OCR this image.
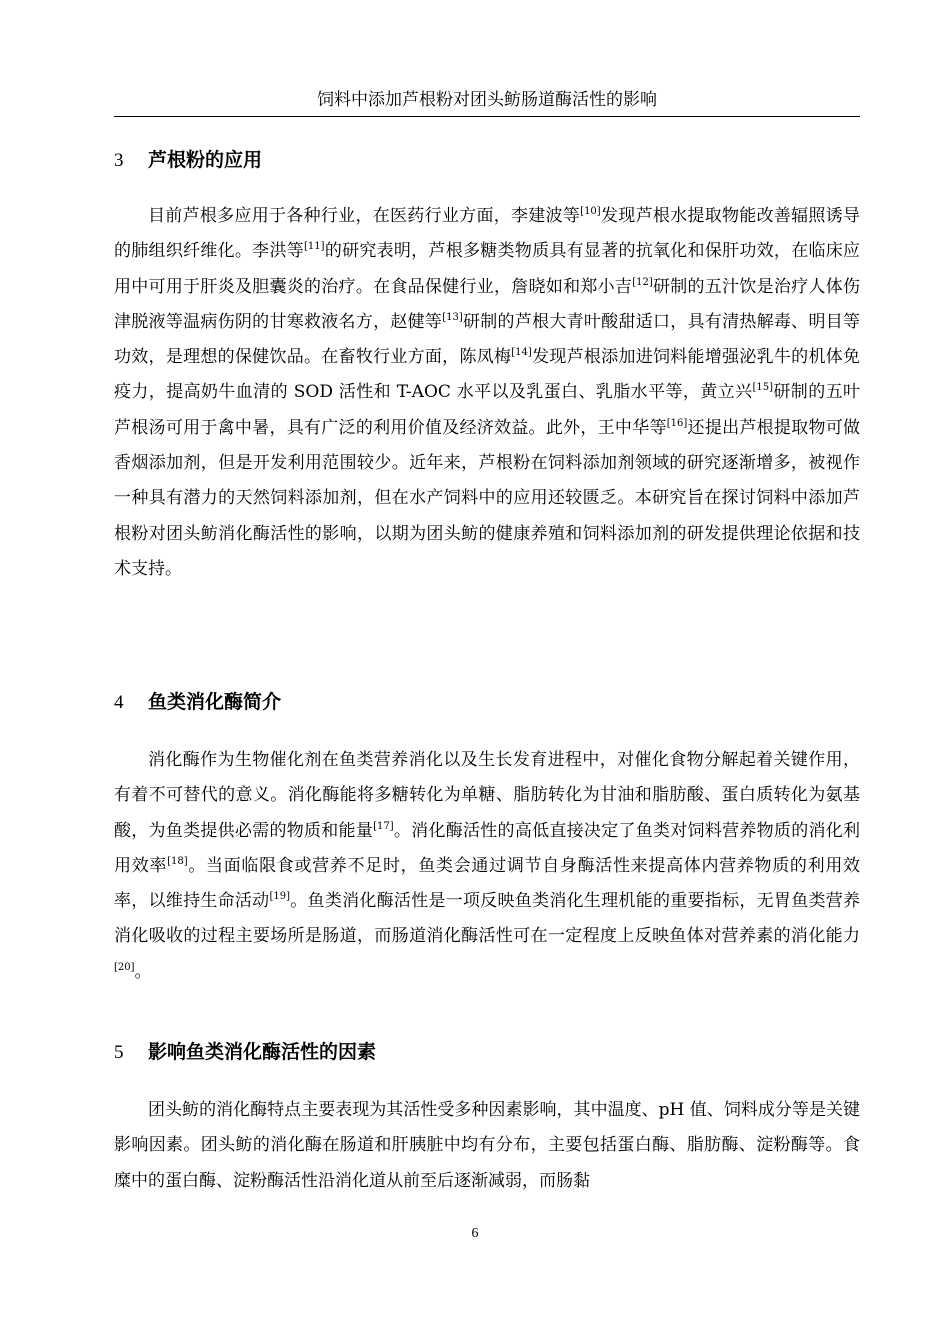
饲料中添加芦根粉对团头鲂肠道酶活性的影响
3 芦根粉的应用

目前芦根多应用于各种行业，在医药行业方面，李建波等[10]发现芦根水提取物能改善辐照诱导的肺组织纤维化。李洪等[11]的研究表明，芦根多糖类物质具有显著的抗氧化和保肝功效，在临床应用中可用于肝炎及胆囊炎的治疗。在食品保健行业，詹晓如和郑小吉[12]研制的五汁饮是治疗人体伤津脱液等温病伤阴的甘寒救液名方，赵健等[13]研制的芦根大青叶酸甜适口，具有清热解毒、明目等功效，是理想的保健饮品。在畜牧行业方面，陈凤梅[14]发现芦根添加进饲料能增强泌乳牛的机体免疫力，提高奶牛血清的 SOD 活性和 T-AOC 水平以及乳蛋白、乳脂水平等，黄立兴[15]研制的五叶芦根汤可用于禽中暑，具有广泛的利用价值及经济效益。此外，王中华等[16]还提出芦根提取物可做香烟添加剂，但是开发利用范围较少。近年来，芦根粉在饲料添加剂领域的研究逐渐增多，被视作一种具有潜力的天然饲料添加剂，但在水产饲料中的应用还较匮乏。本研究旨在探讨饲料中添加芦根粉对团头鲂消化酶活性的影响，以期为团头鲂的健康养殖和饲料添加剂的研发提供理论依据和技术支持。

4 鱼类消化酶简介

消化酶作为生物催化剂在鱼类营养消化以及生长发育进程中，对催化食物分解起着关键作用，有着不可替代的意义。消化酶能将多糖转化为单糖、脂肪转化为甘油和脂肪酸、蛋白质转化为氨基酸，为鱼类提供必需的物质和能量[17]。消化酶活性的高低直接决定了鱼类对饲料营养物质的消化利用效率[18]。当面临限食或营养不足时，鱼类会通过调节自身酶活性来提高体内营养物质的利用效率，以维持生命活动[19]。鱼类消化酶活性是一项反映鱼类消化生理机能的重要指标，无胃鱼类营养消化吸收的过程主要场所是肠道，而肠道消化酶活性可在一定程度上反映鱼体对营养素的消化能力[20]。

5 影响鱼类消化酶活性的因素

团头鲂的消化酶特点主要表现为其活性受多种因素影响，其中温度、pH 值、饲料成分等是关键影响因素。团头鲂的消化酶在肠道和肝胰脏中均有分布，主要包括蛋白酶、脂肪酶、淀粉酶等。食糜中的蛋白酶、淀粉酶活性沿消化道从前至后逐渐减弱，而肠黏

6
